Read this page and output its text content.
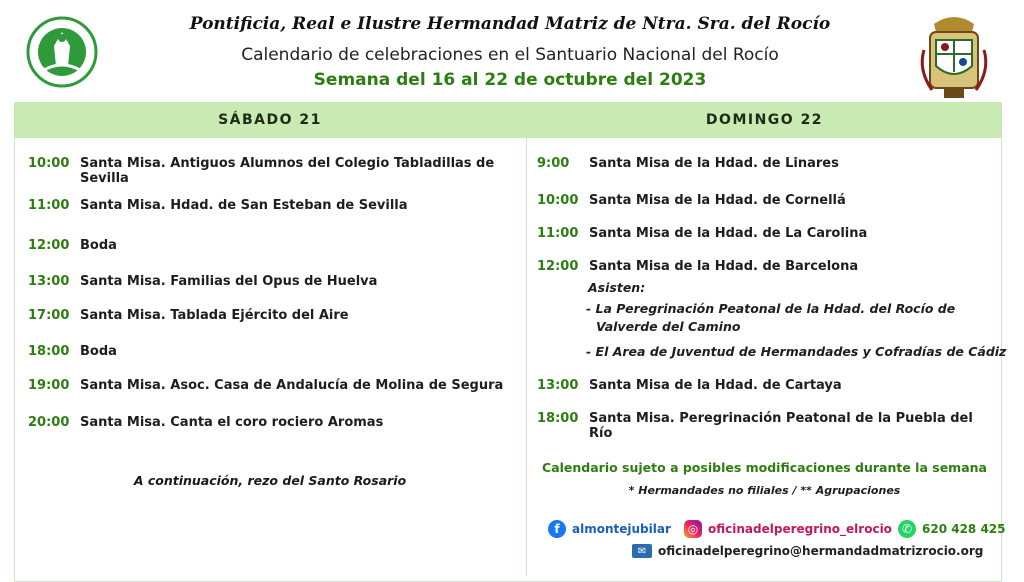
Pontificia, Real e Ilustre Hermandad Matriz de Ntra. Sra. del Rocío
Calendario de celebraciones en el Santuario Nacional del Rocío
Semana del 16 al 22 de octubre del 2023
SÁBADO 21	DOMINGO 22
10:00 Santa Misa. Antiguos Alumnos del Colegio Tabladillas de Sevilla
11:00 Santa Misa. Hdad. de San Esteban de Sevilla
12:00 Boda
13:00 Santa Misa. Familias del Opus de Huelva
17:00 Santa Misa. Tablada Ejército del Aire
18:00 Boda
19:00 Santa Misa. Asoc. Casa de Andalucía de Molina de Segura
20:00 Santa Misa. Canta el coro rociero Aromas
A continuación, rezo del Santo Rosario
9:00	Santa Misa de la Hdad. de Linares
10:00 Santa Misa de la Hdad. de Cornellá
11:00 Santa Misa de la Hdad. de La Carolina
12:00 Santa Misa de la Hdad. de Barcelona
Asisten:
- La Peregrinación Peatonal de la Hdad. del Rocío de
Valverde del Camino
- El Area de Juventud de Hermandades y Cofradías de Cádiz
13:00 Santa Misa de la Hdad. de Cartaya
18:00 Santa Misa. Peregrinación Peatonal de la Puebla del Río
Calendario sujeto a posibles modificaciones durante la semana
* Hermandades no filiales / ** Agrupaciones
f	almontejubilar	◎ oficinadelperegrino_elrocio ✆ 620 428 425
✉ oficinadelperegrino@hermandadmatrizrocio.org
